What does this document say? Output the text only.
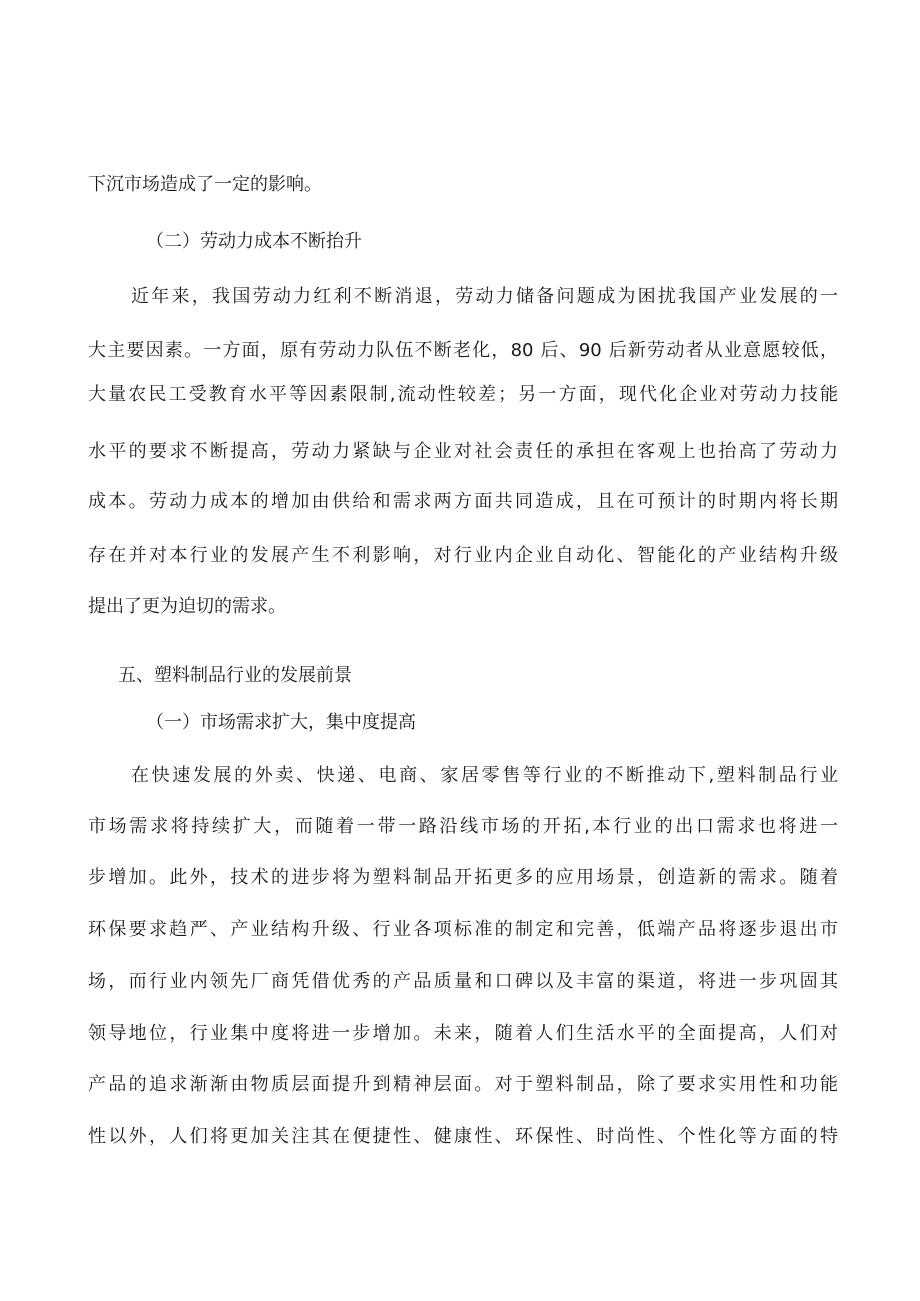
下沉市场造成了一定的影响。
（二）劳动力成本不断抬升
近年来，我国劳动力红利不断消退，劳动力储备问题成为困扰我国产业发展的一
大主要因素。一方面，原有劳动力队伍不断老化，80 后、90 后新劳动者从业意愿较低，
大量农民工受教育水平等因素限制,流动性较差；另一方面，现代化企业对劳动力技能
水平的要求不断提高，劳动力紧缺与企业对社会责任的承担在客观上也抬高了劳动力
成本。劳动力成本的增加由供给和需求两方面共同造成，且在可预计的时期内将长期
存在并对本行业的发展产生不利影响，对行业内企业自动化、智能化的产业结构升级
提出了更为迫切的需求。
五、塑料制品行业的发展前景
（一）市场需求扩大，集中度提高
在快速发展的外卖、快递、电商、家居零售等行业的不断推动下,塑料制品行业
市场需求将持续扩大，而随着一带一路沿线市场的开拓,本行业的出口需求也将进一
步增加。此外，技术的进步将为塑料制品开拓更多的应用场景，创造新的需求。随着
环保要求趋严、产业结构升级、行业各项标准的制定和完善，低端产品将逐步退出市
场，而行业内领先厂商凭借优秀的产品质量和口碑以及丰富的渠道，将进一步巩固其
领导地位，行业集中度将进一步增加。未来，随着人们生活水平的全面提高，人们对
产品的追求渐渐由物质层面提升到精神层面。对于塑料制品，除了要求实用性和功能
性以外，人们将更加关注其在便捷性、健康性、环保性、时尚性、个性化等方面的特
